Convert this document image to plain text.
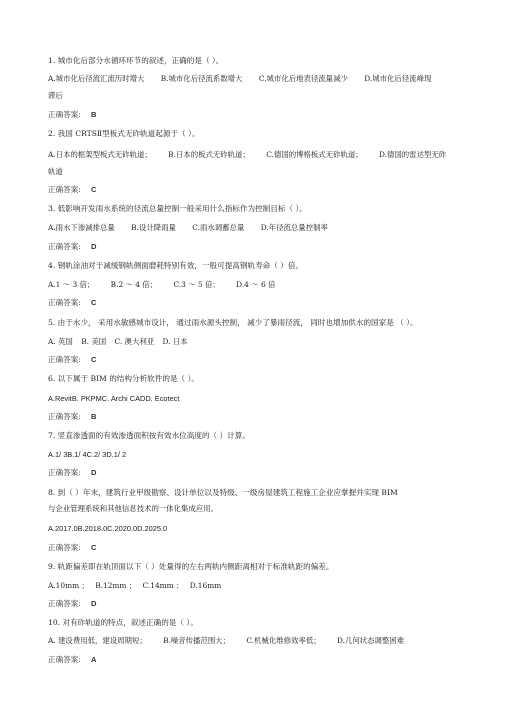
1. 城市化后部分水循环环节的叙述，正确的是（ ）。
A.城市化后径流汇流历时增大 B.城市化后径流系数增大 C.城市化后地表径流量减少 D.城市化后径流峰现
滞后
正确答案: B
2. 我国 CRTSⅡ型板式无砟轨道起源于（ ）。
A.日本的框架型板式无砟轨道； B.日本的板式无砟轨道； C.德国的博格板式无砟轨道； D.德国的雷达型无砟
轨道
正确答案: C
3. 低影响开发雨水系统的径流总量控制一般采用什么指标作为控制目标（ ）。
A.雨水下渗减排总量 B.设计降雨量 C.雨水调蓄总量 D.年径流总量控制率
正确答案: D
4. 钢轨涂油对于减缓钢轨侧面磨耗特别有效，一般可提高钢轨寿命（ ）倍。
A.1 ～ 3 倍； B.2 ～ 4 倍； C.3 ～ 5 倍； D.4 ～ 6 倍
正确答案: C
5. 由于水少， 采用水敏感城市设计， 通过雨水源头控制， 减少了暴雨径流， 同时也增加供水的国家是 （ ）。
A. 英国 B. 美国 C. 澳大利亚 D. 日本
正确答案: C
6. 以下属于 BIM 的结构分析软件的是（ ）。
A.RevitB. PKPMC. Archi CADD. Ecotect
正确答案: B
7. 竖直渗透面的有效渗透面积按有效水位高度的（ ）计算。
A.1/ 3B.1/ 4C.2/ 3D.1/ 2
正确答案: D
8. 到（ ）年末，建筑行业甲级勘察、设计单位以及特级、一级房屋建筑工程施工企业应掌握并实现 BIM
与企业管理系统和其他信息技术的一体化集成应用。
A.2017.0B.2018.0C.2020.0D.2025.0
正确答案: C
9. 轨距偏差即在轨顶面以下（ ）处量得的左右两轨内侧距离相对于标准轨距的偏差。
A.10mm ； B.12mm ； C.14mm ； D.16mm
正确答案: D
10. 对有砟轨道的特点，叙述正确的是（ ）。
A. 建设费用低，建设周期短； B.噪音传播范围大； C.机械化维修效率低； D.几何状态调整困难
正确答案: A
